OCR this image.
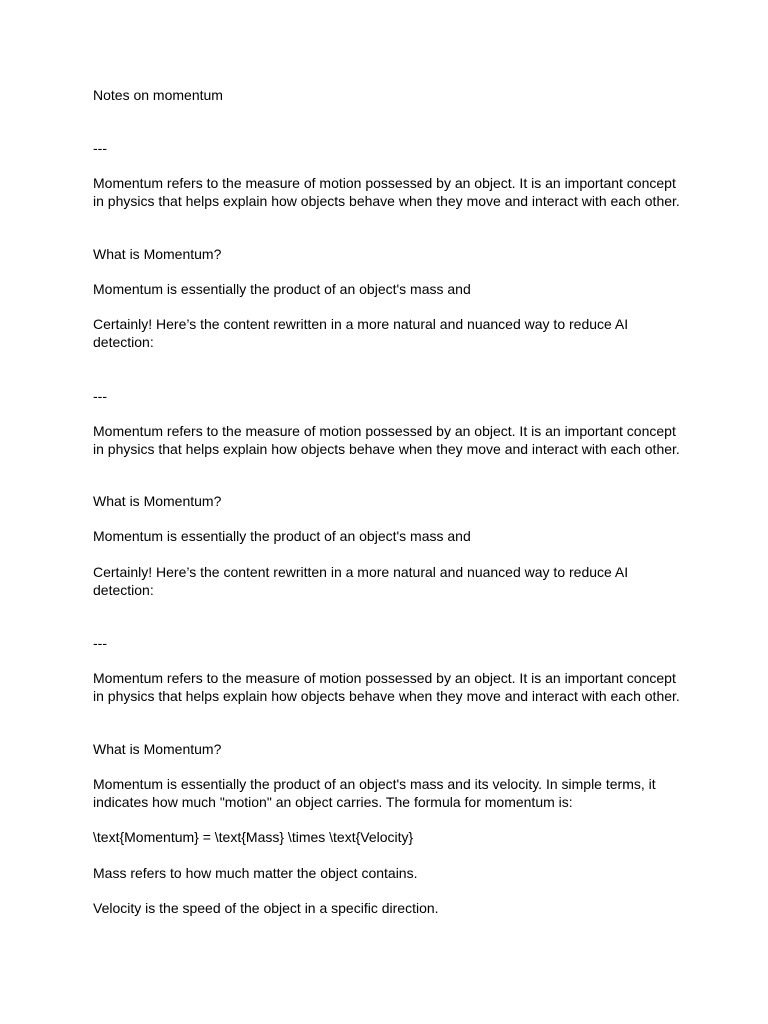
Notes on momentum

---

Momentum refers to the measure of motion possessed by an object. It is an important concept in physics that helps explain how objects behave when they move and interact with each other.

What is Momentum?

Momentum is essentially the product of an object's mass and

Certainly! Here’s the content rewritten in a more natural and nuanced way to reduce AI detection:

---

Momentum refers to the measure of motion possessed by an object. It is an important concept in physics that helps explain how objects behave when they move and interact with each other.

What is Momentum?

Momentum is essentially the product of an object's mass and

Certainly! Here’s the content rewritten in a more natural and nuanced way to reduce AI detection:

---

Momentum refers to the measure of motion possessed by an object. It is an important concept in physics that helps explain how objects behave when they move and interact with each other.

What is Momentum?

Momentum is essentially the product of an object's mass and its velocity. In simple terms, it indicates how much "motion" an object carries. The formula for momentum is:

\text{Momentum} = \text{Mass} \times \text{Velocity}

Mass refers to how much matter the object contains.

Velocity is the speed of the object in a specific direction.
